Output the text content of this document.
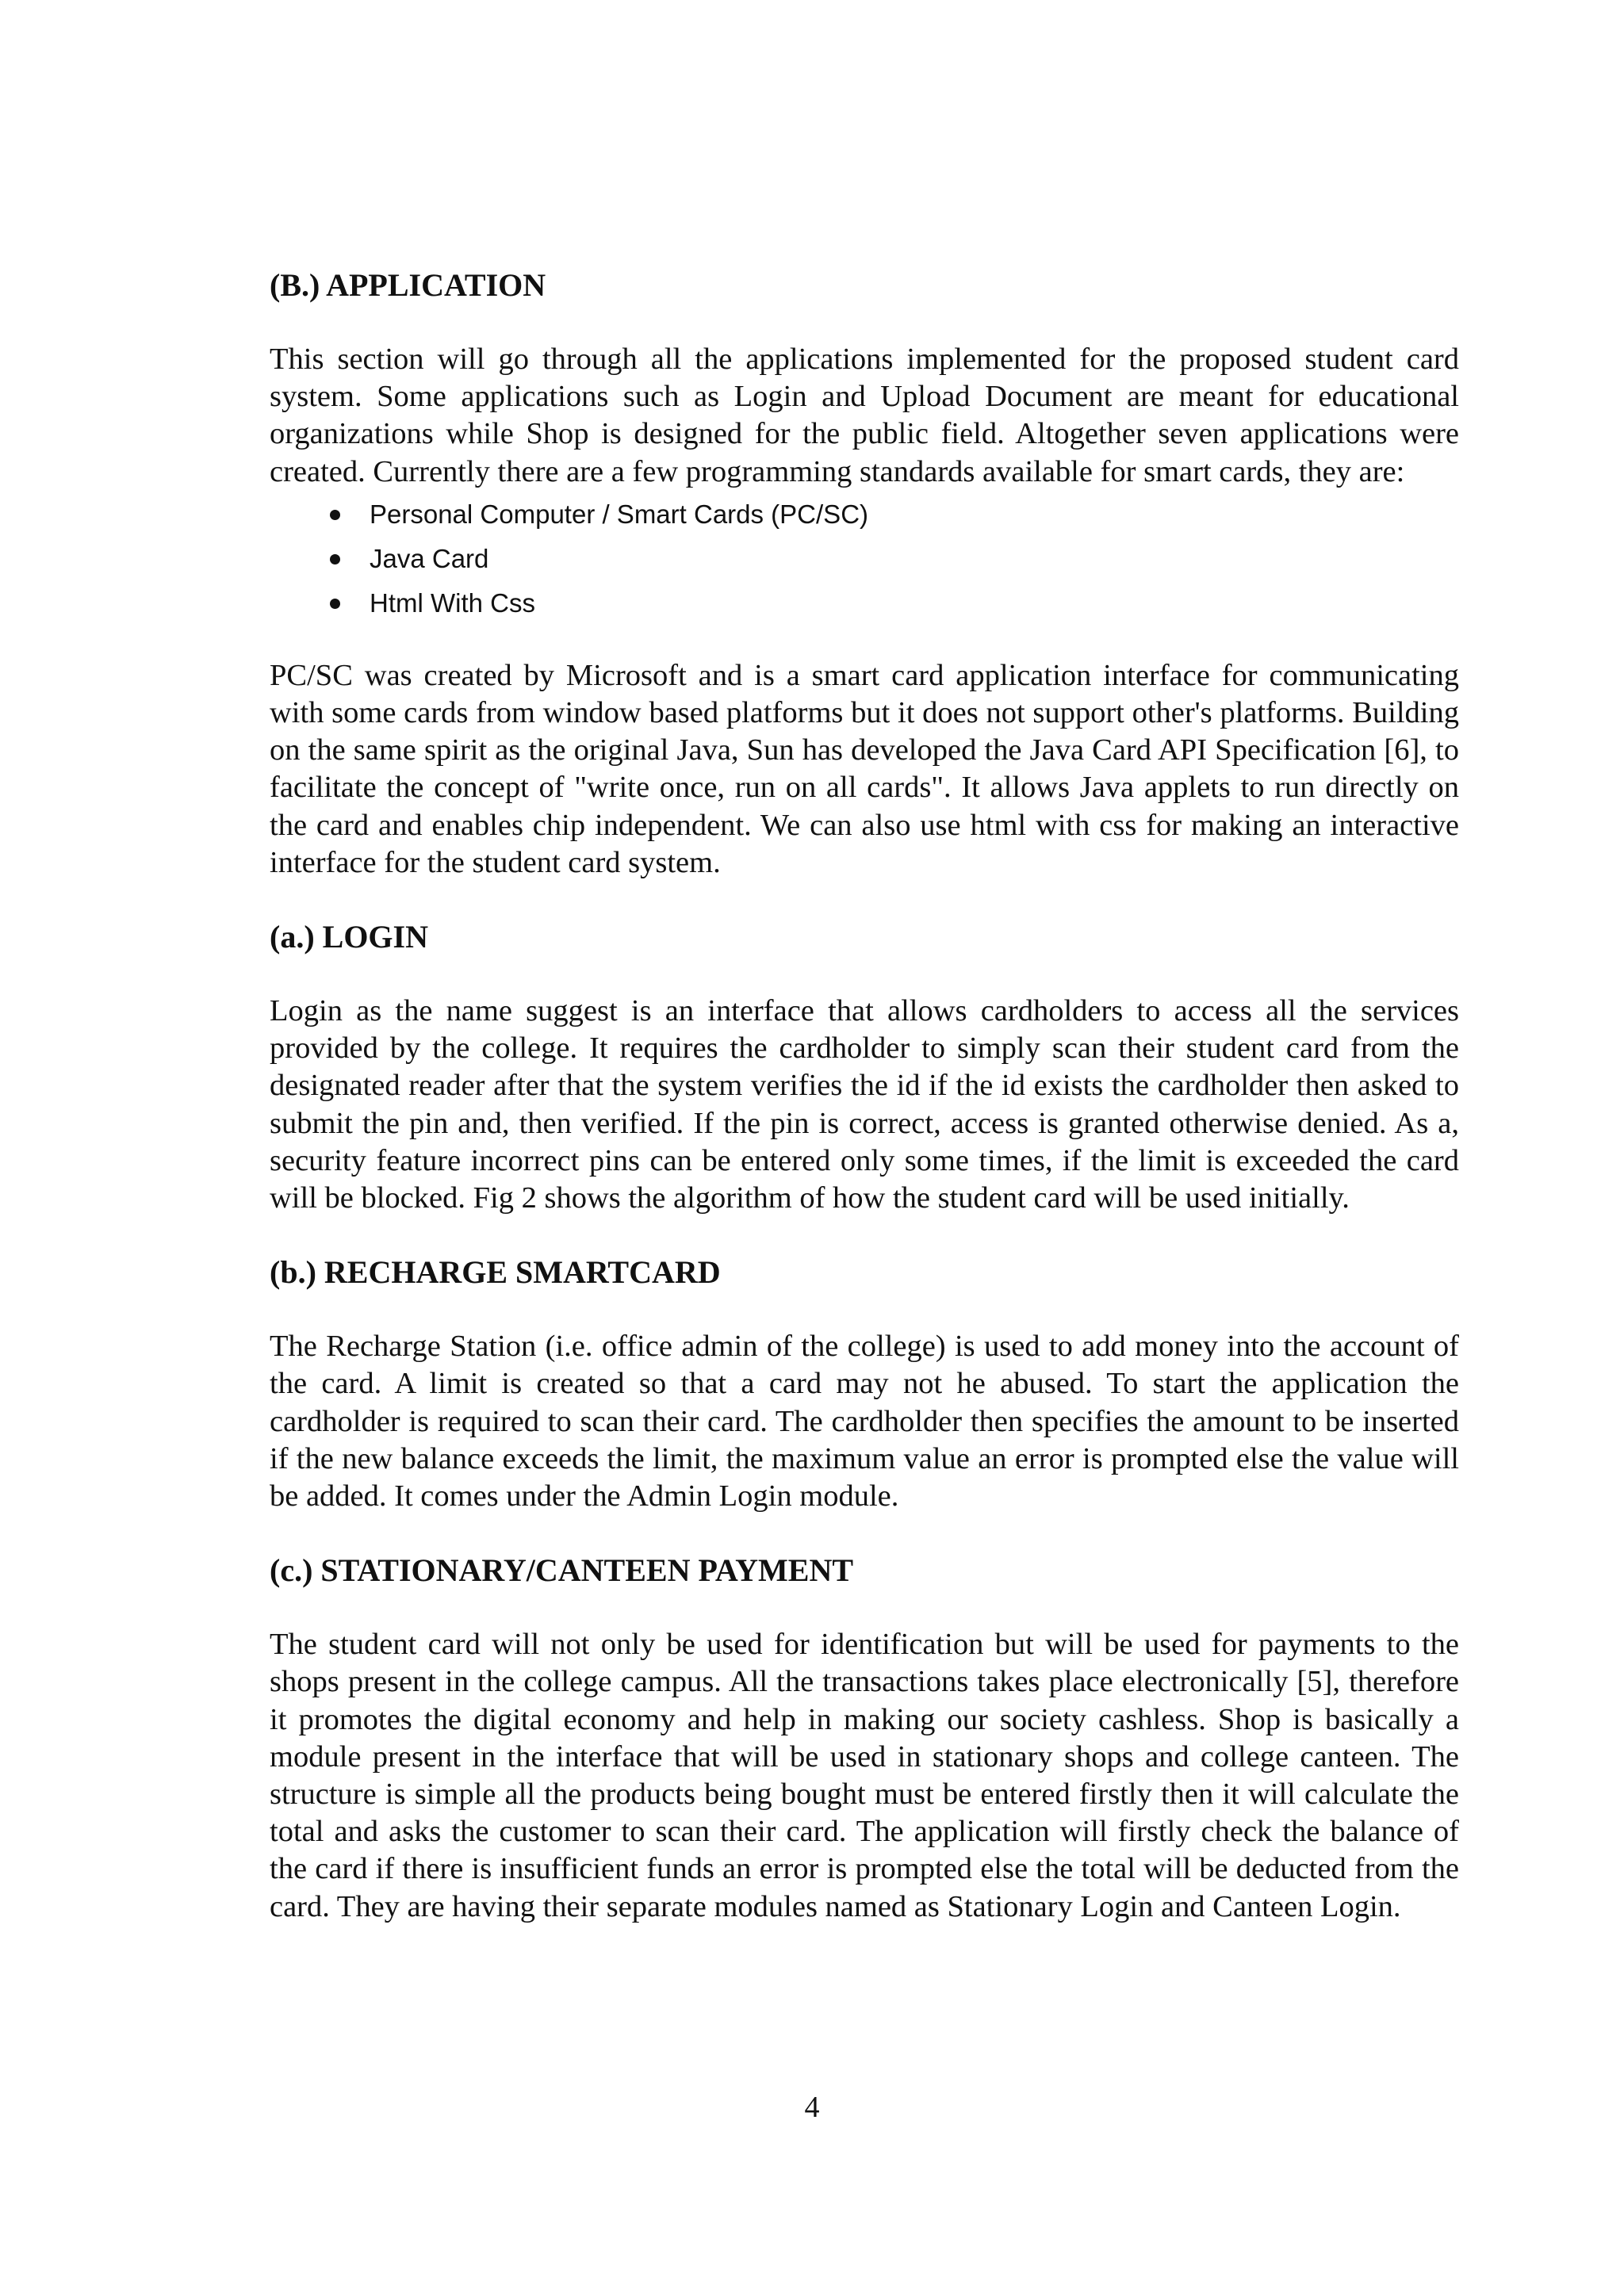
(B.) APPLICATION

This section will go through all the applications implemented for the proposed student card system. Some applications such as Login and Upload Document are meant for educational organizations while Shop is designed for the public field. Altogether seven applications were created. Currently there are a few programming standards available for smart cards, they are:

Personal Computer / Smart Cards (PC/SC)
Java Card
Html With Css

PC/SC was created by Microsoft and is a smart card application interface for communicating with some cards from window based platforms but it does not support other's platforms. Building on the same spirit as the original Java, Sun has developed the Java Card API Specification [6], to facilitate the concept of "write once, run on all cards". It allows Java applets to run directly on the card and enables chip independent. We can also use html with css for making an interactive interface for the student card system.

(a.) LOGIN

Login as the name suggest is an interface that allows cardholders to access all the services provided by the college. It requires the cardholder to simply scan their student card from the designated reader after that the system verifies the id if the id exists the cardholder then asked to submit the pin and, then verified. If the pin is correct, access is granted otherwise denied. As a, security feature incorrect pins can be entered only some times, if the limit is exceeded the card will be blocked. Fig 2 shows the algorithm of how the student card will be used initially.

(b.) RECHARGE SMARTCARD

The Recharge Station (i.e. office admin of the college) is used to add money into the account of the card. A limit is created so that a card may not he abused. To start the application the cardholder is required to scan their card. The cardholder then specifies the amount to be inserted if the new balance exceeds the limit, the maximum value an error is prompted else the value will be added. It comes under the Admin Login module.

(c.) STATIONARY/CANTEEN PAYMENT

The student card will not only be used for identification but will be used for payments to the shops present in the college campus. All the transactions takes place electronically [5], therefore it promotes the digital economy and help in making our society cashless. Shop is basically a module present in the interface that will be used in stationary shops and college canteen. The structure is simple all the products being bought must be entered firstly then it will calculate the total and asks the customer to scan their card. The application will firstly check the balance of the card if there is insufficient funds an error is prompted else the total will be deducted from the card. They are having their separate modules named as Stationary Login and Canteen Login.

4
